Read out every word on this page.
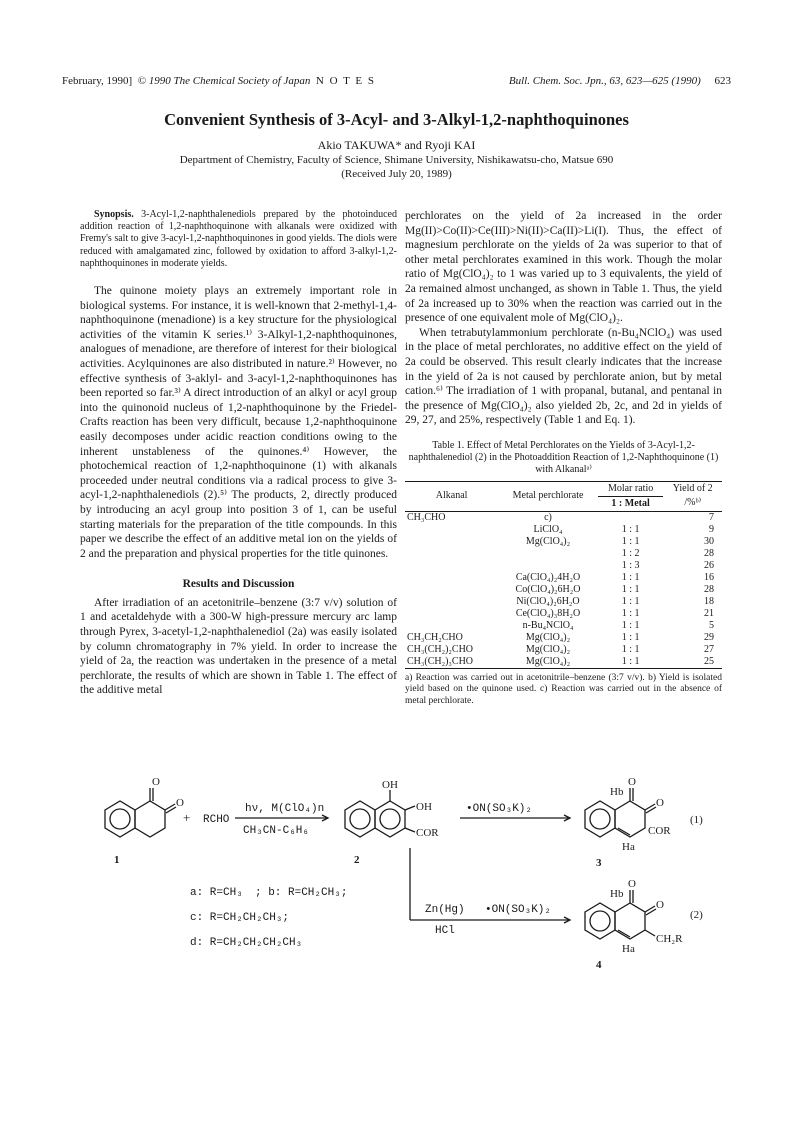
February, 1990] © 1990 The Chemical Society of Japan N O T E S	Bull. Chem. Soc. Jpn., 63, 623—625 (1990) 623
Convenient Synthesis of 3-Acyl- and 3-Alkyl-1,2-naphthoquinones
Akio TAKUWA* and Ryoji KAI
Department of Chemistry, Faculty of Science, Shimane University, Nishikawatsu-cho, Matsue 690
(Received July 20, 1989)

Synopsis. 3-Acyl-1,2-naphthalenediols prepared by the photoinduced addition reaction of 1,2-naphthoquinone with alkanals were oxidized with Fremy's salt to give 3-acyl-1,2-naphthoquinones in good yields. The diols were reduced with amalgamated zinc, followed by oxidation to afford 3-alkyl-1,2-naphthoquinones in moderate yields.

The quinone moiety plays an extremely important role in biological systems. For instance, it is well-known that 2-methyl-1,4-naphthoquinone (menadione) is a key structure for the physiological activities of the vitamin K series.¹⁾ 3-Alkyl-1,2-naphthoquinones, analogues of menadione, are therefore of interest for their biological activities. Acylquinones are also distributed in nature.²⁾ However, no effective synthesis of 3-aklyl- and 3-acyl-1,2-naphthoquinones has been reported so far.³⁾ A direct introduction of an alkyl or acyl group into the quinonoid nucleus of 1,2-naphthoquinone by the Friedel-Crafts reaction has been very difficult, because 1,2-naphthoquinone easily decomposes under acidic reaction conditions owing to the inherent unstableness of the quinones.⁴⁾ However, the photochemical reaction of 1,2-naphthoquinone (1) with alkanals proceeded under neutral conditions via a radical process to give 3-acyl-1,2-naphthalenediols (2).⁵⁾ The products, 2, directly produced by introducing an acyl group into position 3 of 1, can be useful starting materials for the preparation of the title compounds. In this paper we describe the effect of an additive metal ion on the yields of 2 and the preparation and physical properties for the title quinones.

Results and Discussion

After irradiation of an acetonitrile–benzene (3:7 v/v) solution of 1 and acetaldehyde with a 300-W high-pressure mercury arc lamp through Pyrex, 3-acetyl-1,2-naphthalenediol (2a) was easily isolated by column chromatography in 7% yield. In order to increase the yield of 2a, the reaction was undertaken in the presence of a metal perchlorate, the results of which are shown in Table 1. The effect of the additive metal

perchlorates on the yield of 2a increased in the order Mg(II)>Co(II)>Ce(III)>Ni(II)>Ca(II)>Li(I). Thus, the effect of magnesium perchlorate on the yields of 2a was superior to that of other metal perchlorates examined in this work. Though the molar ratio of Mg(ClO₄)₂ to 1 was varied up to 3 equivalents, the yield of 2a remained almost unchanged, as shown in Table 1. Thus, the yield of 2a increased up to 30% when the reaction was carried out in the presence of one equivalent mole of Mg(ClO₄)₂.

When tetrabutylammonium perchlorate (n-Bu₄NClO₄) was used in the place of metal perchlorates, no additive effect on the yield of 2a could be observed. This result clearly indicates that the increase in the yield of 2a is not caused by perchlorate anion, but by metal cation.⁶⁾ The irradiation of 1 with propanal, butanal, and pentanal in the presence of Mg(ClO₄)₂ also yielded 2b, 2c, and 2d in yields of 29, 27, and 25%, respectively (Table 1 and Eq. 1).

Table 1. Effect of Metal Perchlorates on the Yields of 3-Acyl-1,2-naphthalenediol (2) in the Photoaddition Reaction of 1,2-Naphthoquinone (1) with Alkanalᵃ⁾
Alkanal	Metal perchlorate	Molar ratio	Yield of 2
		1 : Metal	/%ᵇ⁾
CH₃CHO	c)		7
	LiClO₄	1 : 1	9
	Mg(ClO₄)₂	1 : 1	30
		1 : 2	28
		1 : 3	26
	Ca(ClO₄)₂4H₂O	1 : 1	16
	Co(ClO₄)₂6H₂O	1 : 1	28
	Ni(ClO₄)₂6H₂O	1 : 1	18
	Ce(ClO₄)₃8H₂O	1 : 1	21
	n-Bu₄NClO₄	1 : 1	5
CH₃CH₂CHO	Mg(ClO₄)₂	1 : 1	29
CH₃(CH₂)₂CHO	Mg(ClO₄)₂	1 : 1	27
CH₃(CH₂)₃CHO	Mg(ClO₄)₂	1 : 1	25
a) Reaction was carried out in acetonitrile–benzene (3:7 v/v). b) Yield is isolated yield based on the quinone used. c) Reaction was carried out in the absence of metal perchlorate.
O
O
1
+ RCHO
hν, M(ClO₄)n
CH₃CN-C₆H₆
OH
OH
COR
2
•ON(SO₃K)₂
Hb
O
O
COR
Ha
3
(1)
a: R=CH₃ ; b: R=CH₂CH₃;
c: R=CH₂CH₂CH₃;
d: R=CH₂CH₂CH₂CH₃
Zn(Hg)
HCl
•ON(SO₃K)₂
Hb
O
O
CH₂R
Ha
4
(2)
